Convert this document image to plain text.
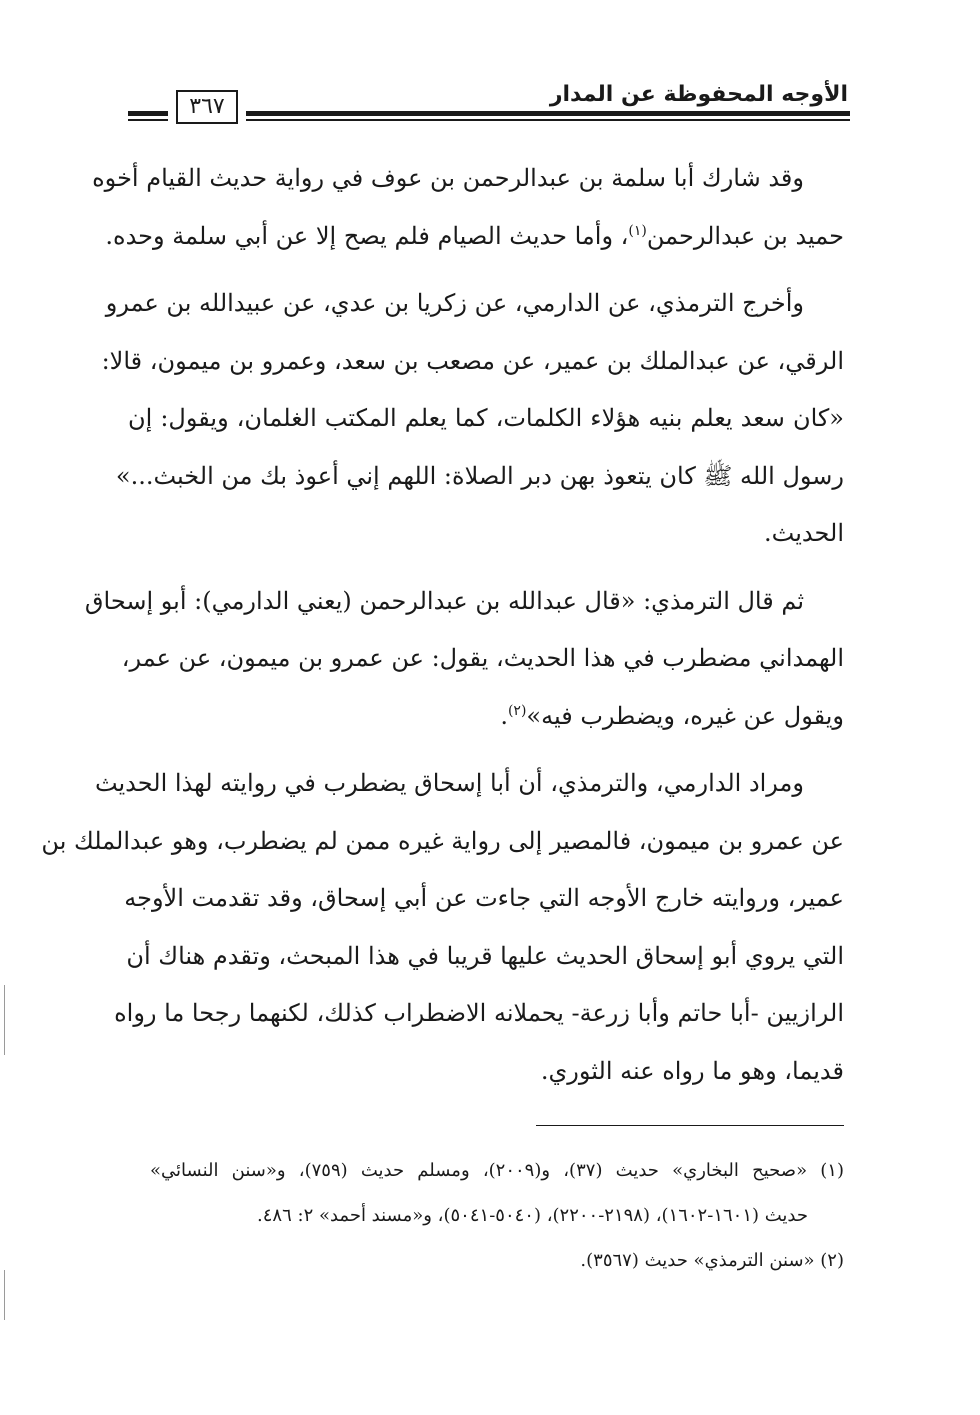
٣٦٧	الأوجه المحفوظة عن المدار

وقد شارك أبا سلمة بن عبدالرحمن بن عوف في رواية حديث القيام أخوه
حميد بن عبدالرحمن$^{(١)}$، وأما حديث الصيام فلم يصح إلا عن أبي سلمة وحده.

وأخرج الترمذي، عن الدارمي، عن زكريا بن عدي، عن عبيدالله بن عمرو
الرقي، عن عبدالملك بن عمير، عن مصعب بن سعد، وعمرو بن ميمون، قالا:
«كان سعد يعلم بنيه هؤلاء الكلمات، كما يعلم المكتب الغلمان، ويقول: إن
رسول الله ﷺ كان يتعوذ بهن دبر الصلاة: اللهم إني أعوذ بك من الخبث...»
الحديث.

ثم قال الترمذي: «قال عبدالله بن عبدالرحمن (يعني الدارمي): أبو إسحاق
الهمداني مضطرب في هذا الحديث، يقول: عن عمرو بن ميمون، عن عمر،
ويقول عن غيره، ويضطرب فيه»$^{(٢)}$.

ومراد الدارمي، والترمذي، أن أبا إسحاق يضطرب في روايته لهذا الحديث
عن عمرو بن ميمون، فالمصير إلى رواية غيره ممن لم يضطرب، وهو عبدالملك بن
عمير، وروايته خارج الأوجه التي جاءت عن أبي إسحاق، وقد تقدمت الأوجه
التي يروي أبو إسحاق الحديث عليها قريبا في هذا المبحث، وتقدم هناك أن
الرازيين -أبا حاتم وأبا زرعة- يحملانه الاضطراب كذلك، لكنهما رجحا ما رواه
قديما، وهو ما رواه عنه الثوري.

(١) «صحيح البخاري» حديث (٣٧)، و(٢٠٠٩)، ومسلم حديث (٧٥٩)، و«سنن النسائي»
حديث (١٦٠١-١٦٠٢)، (٢١٩٨-٢٢٠٠)، (٥٠٤٠-٥٠٤١)، و«مسند أحمد» ٢: ٤٨٦.
(٢) «سنن الترمذي» حديث (٣٥٦٧).
